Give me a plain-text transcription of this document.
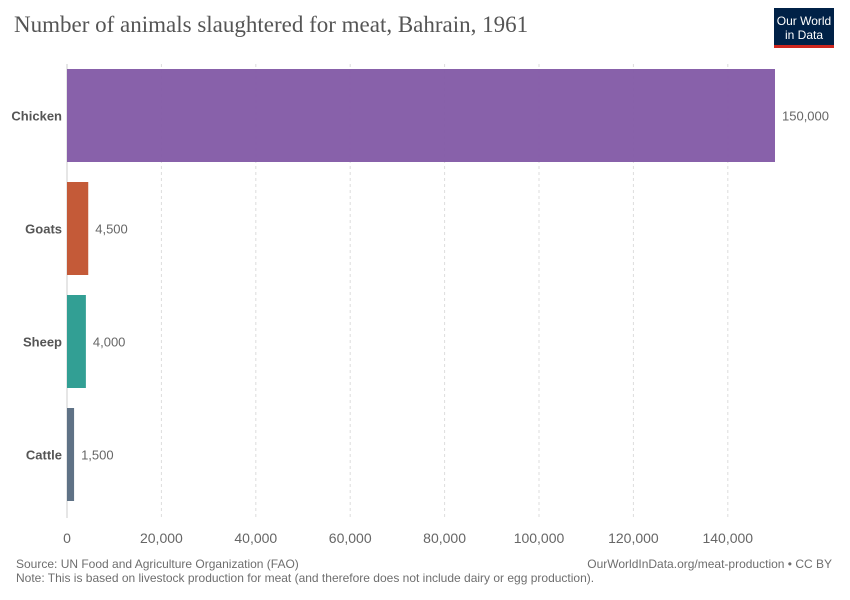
Number of animals slaughtered for meat, Bahrain, 1961	Our World
in Data
0	20,000	40,000	60,000	80,000	100,000	120,000	140,000
Chicken	150,000
Goats	4,500
Sheep 4,000
Cattle 1,500
Source: UN Food and Agriculture Organization (FAO)
Note: This is based on livestock production for meat (and therefore does not include dairy or egg production).
OurWorldInData.org/meat-production • CC BY
